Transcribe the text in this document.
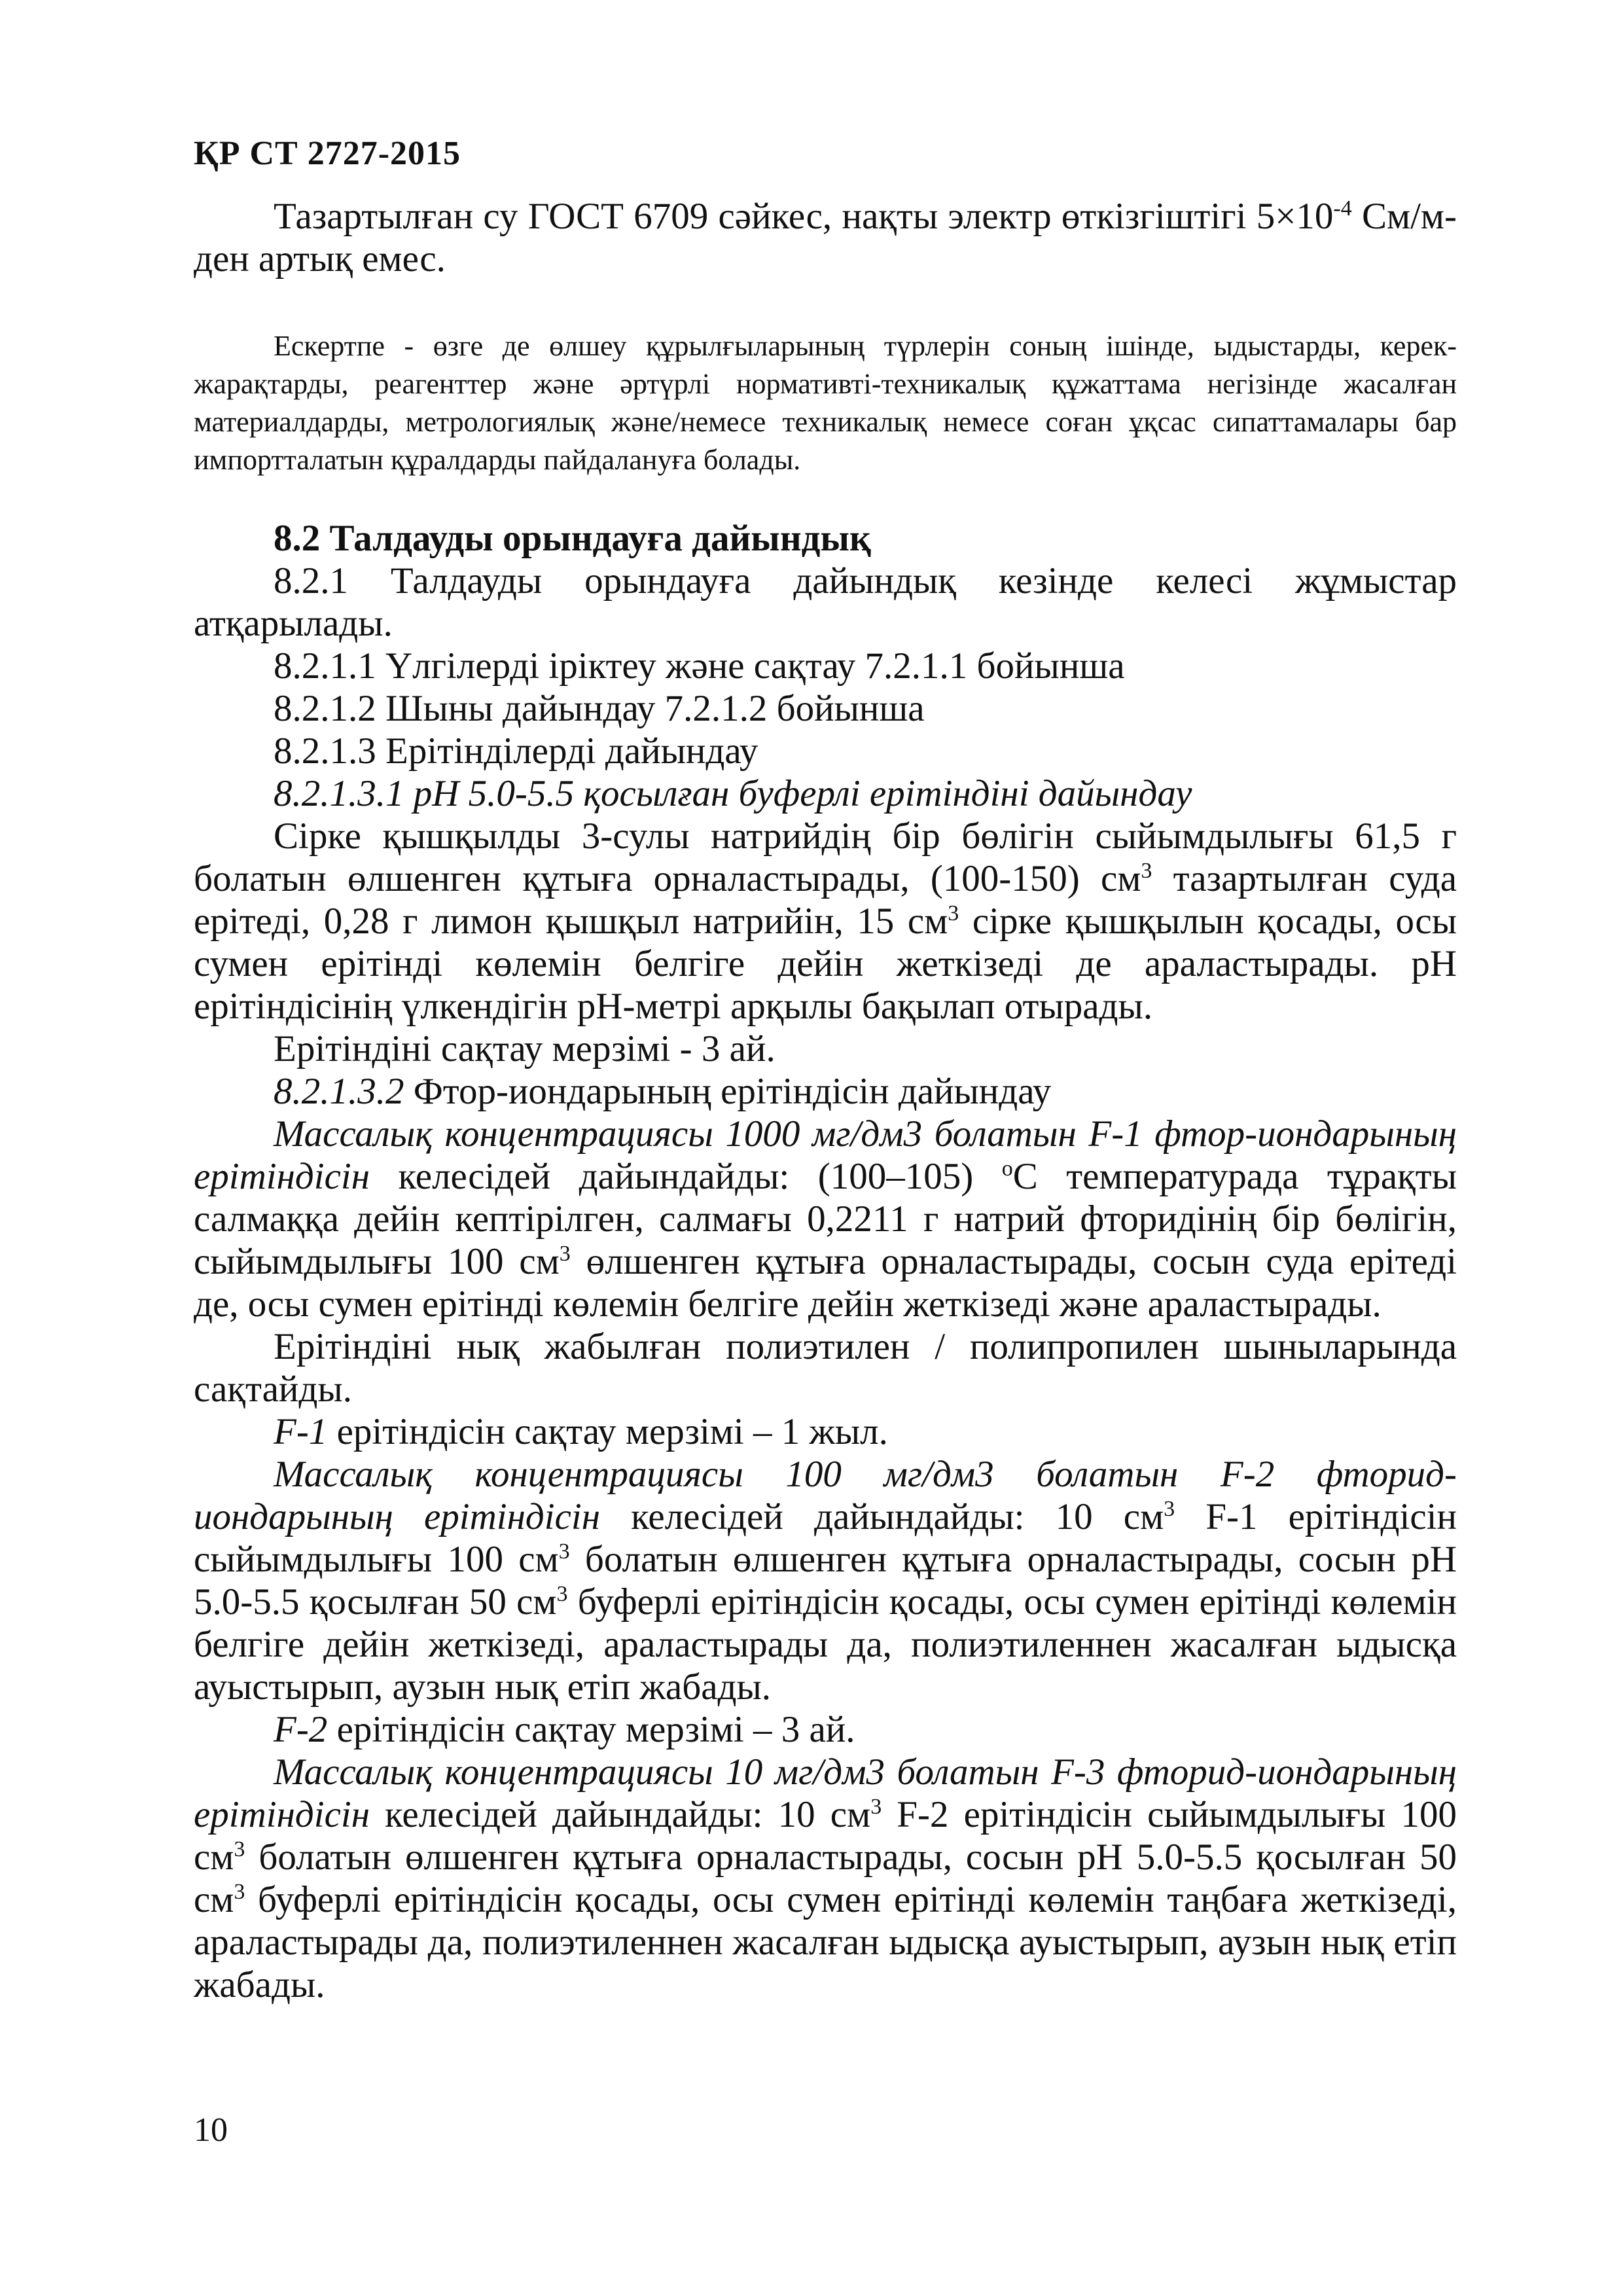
ҚР СТ 2727-2015

Тазартылған су ГОСТ 6709 сәйкес, нақты электр өткізгіштігі $5\times 10^{-4}$ См/м-ден артық емес.

Ескертпе - өзге де өлшеу құрылғыларының түрлерін соның ішінде, ыдыстарды, керек-жарақтарды, реагенттер және әртүрлі нормативті-техникалық құжаттама негізінде жасалған материалдарды, метрологиялық және/немесе техникалық немесе соған ұқсас сипаттамалары бар импортталатын құралдарды пайдалануға болады.

8.2 Талдауды орындауға дайындық

8.2.1 Талдауды орындауға дайындық кезінде келесі жұмыстар атқарылады.

8.2.1.1 Үлгілерді іріктеу және сақтау 7.2.1.1 бойынша

8.2.1.2 Шыны дайындау 7.2.1.2 бойынша

8.2.1.3 Ерітінділерді дайындау

8.2.1.3.1 pH 5.0-5.5 қосылған буферлі ерітіндіні дайындау

Сірке қышқылды 3-сулы натрийдің бір бөлігін сыйымдылығы 61,5 г болатын өлшенген құтыға орналастырады, (100-150) $см^3$ тазартылған суда ерітеді, 0,28 г лимон қышқыл натрийін, 15 $см^3$ сірке қышқылын қосады, осы сумен ерітінді көлемін белгіге дейін жеткізеді де араластырады. pH ерітіндісінің үлкендігін pH-метрі арқылы бақылап отырады.

Ерітіндіні сақтау мерзімі - 3 ай.

8.2.1.3.2 Фтор-иондарының ерітіндісін дайындау

Массалық концентрациясы 1000 мг/дм3 болатын F-1 фтор-иондарының ерітіндісін келесідей дайындайды: (100–105) $^o$С температурада тұрақты салмаққа дейін кептірілген, салмағы 0,2211 г натрий фторидінің бір бөлігін, сыйымдылығы 100 $см^3$ өлшенген құтыға орналастырады, сосын суда ерітеді де, осы сумен ерітінді көлемін белгіге дейін жеткізеді және араластырады.

Ерітіндіні нық жабылған полиэтилен / полипропилен шыныларында сақтайды.

F-1 ерітіндісін сақтау мерзімі – 1 жыл.

Массалық концентрациясы 100 мг/дм3 болатын F-2 фторид-иондарының ерітіндісін келесідей дайындайды: 10 $см^3$ F-1 ерітіндісін сыйымдылығы 100 $см^3$ болатын өлшенген құтыға орналастырады, сосын pH 5.0-5.5 қосылған 50 $см^3$ буферлі ерітіндісін қосады, осы сумен ерітінді көлемін белгіге дейін жеткізеді, араластырады да, полиэтиленнен жасалған ыдысқа ауыстырып, аузын нық етіп жабады.

F-2 ерітіндісін сақтау мерзімі – 3 ай.

Массалық концентрациясы 10 мг/дм3 болатын F-3 фторид-иондарының ерітіндісін келесідей дайындайды: 10 $см^3$ F-2 ерітіндісін сыйымдылығы 100 $см^3$ болатын өлшенген құтыға орналастырады, сосын pH 5.0-5.5 қосылған 50 $см^3$ буферлі ерітіндісін қосады, осы сумен ерітінді көлемін таңбаға жеткізеді, араластырады да, полиэтиленнен жасалған ыдысқа ауыстырып, аузын нық етіп жабады.

10
